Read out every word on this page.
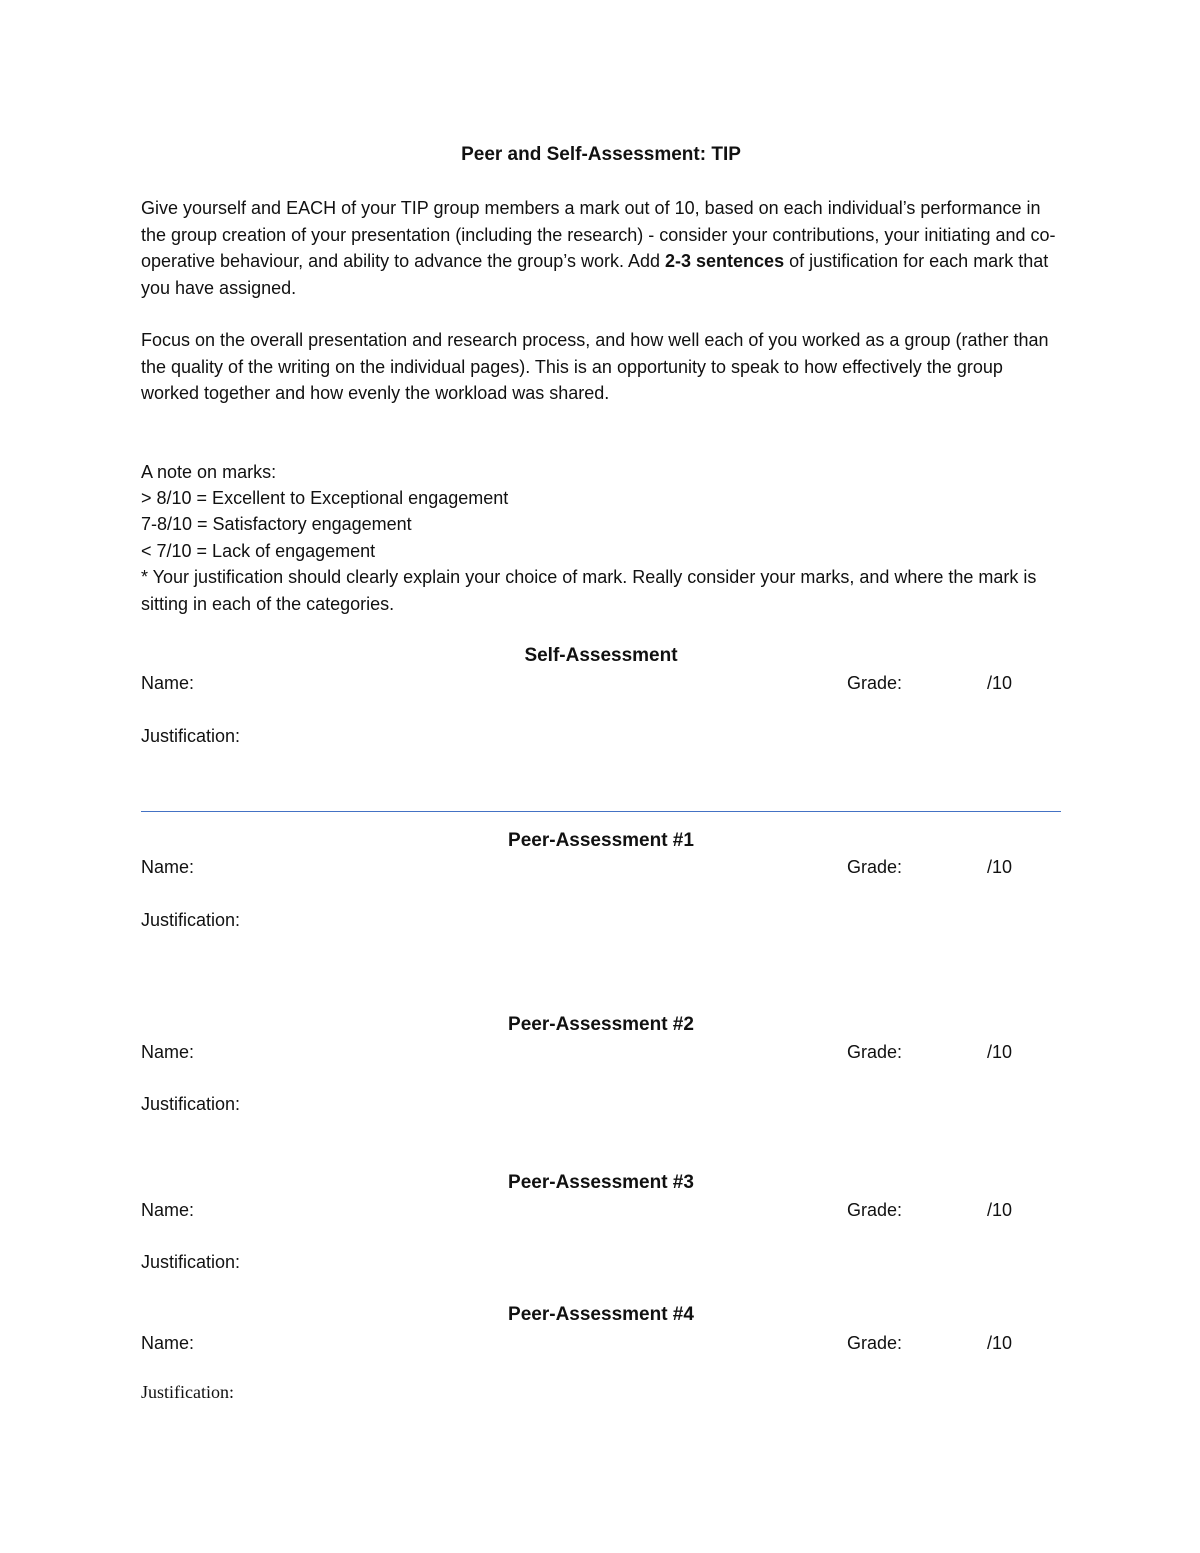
Peer and Self-Assessment: TIP
Give yourself and EACH of your TIP group members a mark out of 10, based on each individual’s performance in the group creation of your presentation (including the research) - consider your contributions, your initiating and co-operative behaviour, and ability to advance the group’s work. Add 2-3 sentences of justification for each mark that you have assigned.
Focus on the overall presentation and research process, and how well each of you worked as a group (rather than the quality of the writing on the individual pages). This is an opportunity to speak to how effectively the group worked together and how evenly the workload was shared.
A note on marks:
> 8/10 = Excellent to Exceptional engagement
7-8/10 = Satisfactory engagement
< 7/10 = Lack of engagement
* Your justification should clearly explain your choice of mark. Really consider your marks, and where the mark is sitting in each of the categories.
Self-Assessment
Name:	Grade:	/10
Justification:
Peer-Assessment #1
Name:	Grade:	/10
Justification:
Peer-Assessment #2
Name:	Grade:	/10
Justification:
Peer-Assessment #3
Name:	Grade:	/10
Justification:
Peer-Assessment #4
Name:	Grade:	/10
Justification:
